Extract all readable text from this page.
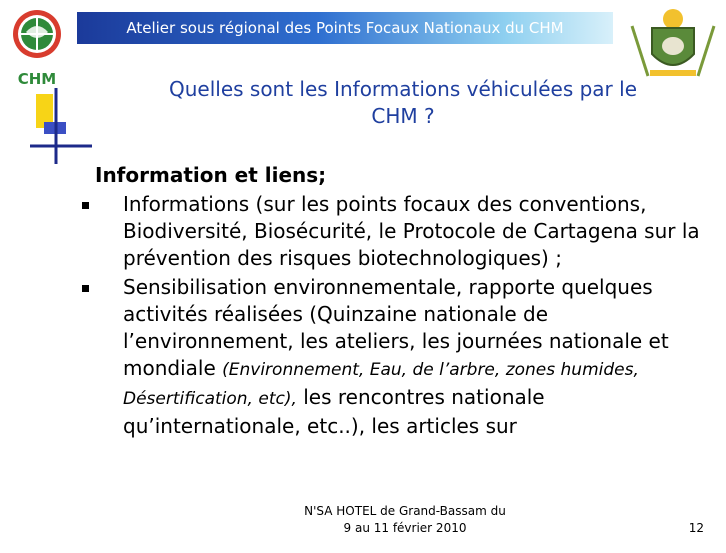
Atelier sous régional des Points Focaux Nationaux du CHM
CHM	Quelles sont les Informations véhiculées par le
CHM ?
Information et liens;
Informations (sur les points focaux des conventions, Biodiversité, Biosécurité, le Protocole de Cartagena sur la prévention des risques biotechnologiques) ;
Sensibilisation environnementale, rapporte quelques activités réalisées (Quinzaine nationale de l’environnement, les ateliers, les journées nationale et mondiale (Environnement, Eau, de l’arbre, zones humides, Désertification, etc), les rencontres nationale qu’internationale, etc..), les articles sur
N'SA HOTEL de Grand-Bassam du
9 au 11 février 2010	12
